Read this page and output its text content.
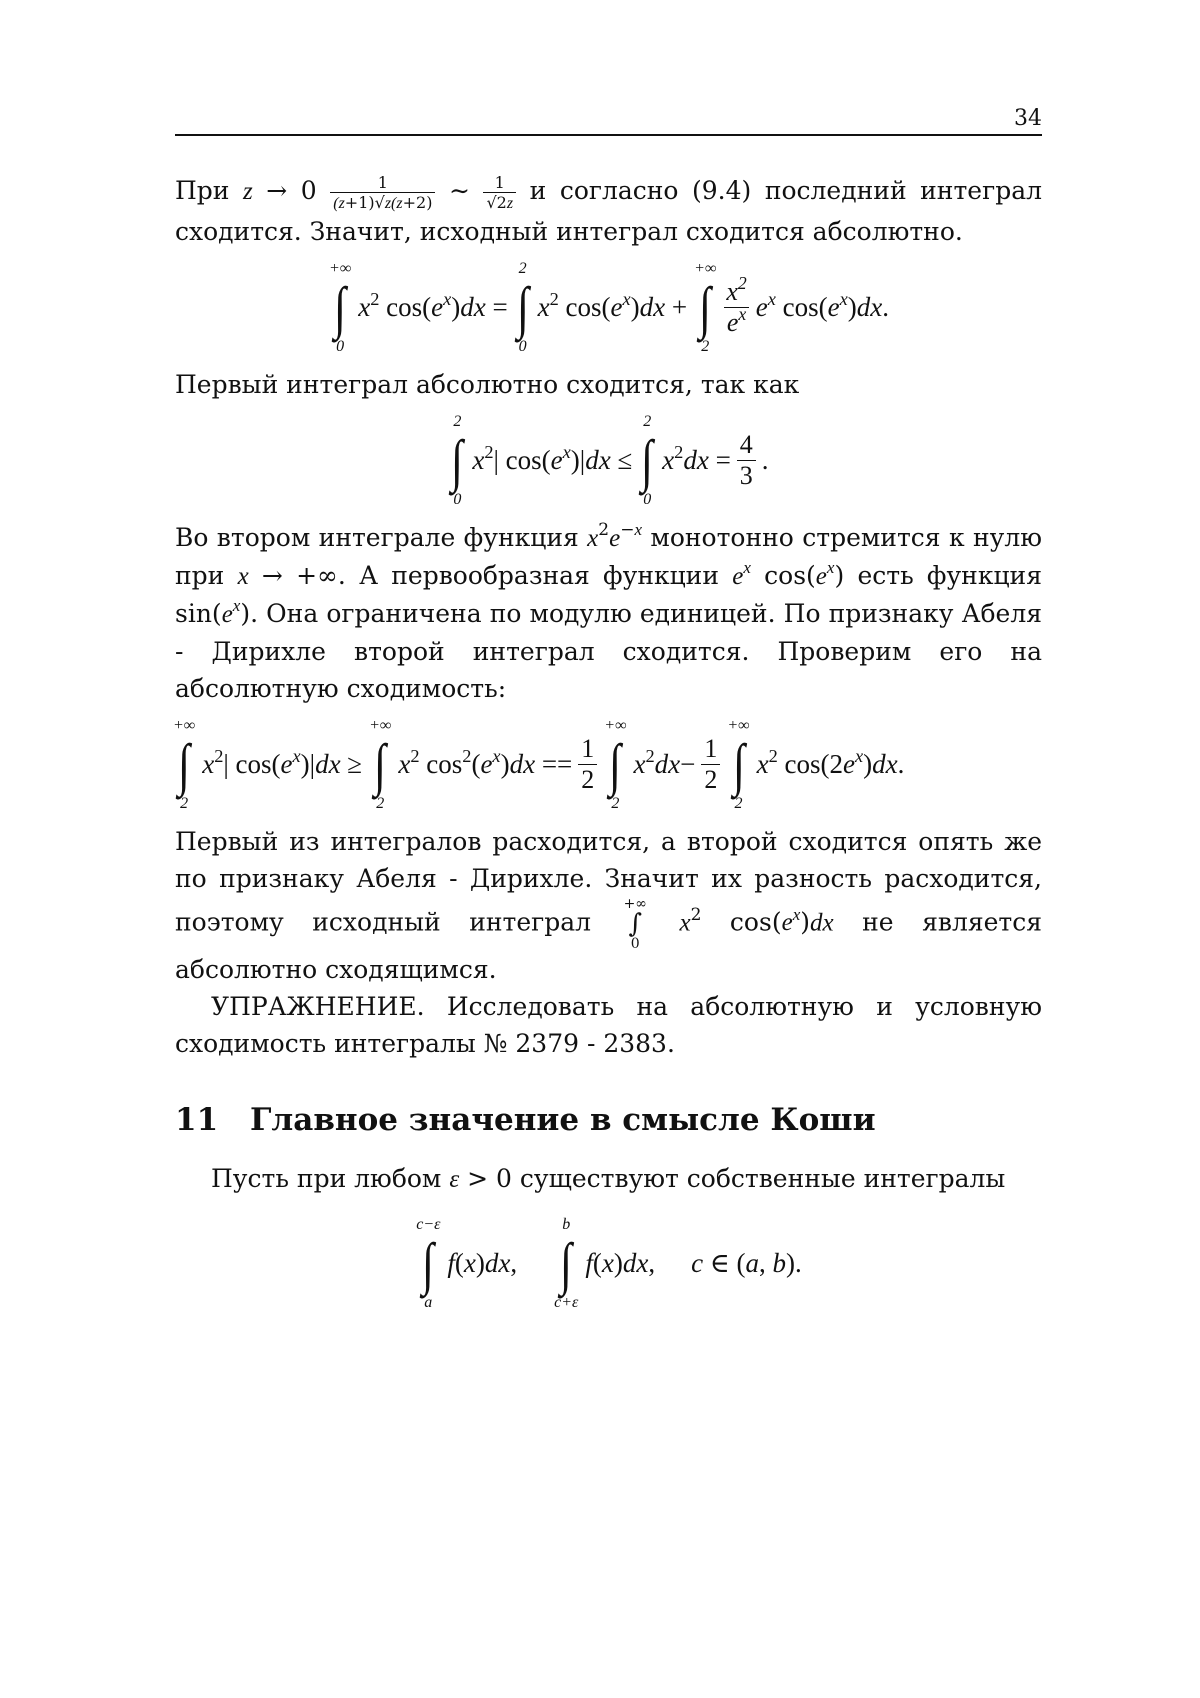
34

При z → 0	1
(z+1)√z(z+2) ∼ 1
√2z и согласно (9.4) последний интеграл сходится. Значит, исходный интеграл сходится абсолютно.

+∞
∫
0
x2 cos(ex)dx =
2
∫
0
x2 cos(ex)dx +
+∞
∫
2
x2
ex ex cos(ex)dx.

Первый интеграл абсолютно сходится, так как

2
∫
0
x2| cos(ex)|dx ≤
2
∫
0
x2dx =
4
3
.

Во втором интеграле функция x2e−x монотонно стремится к нулю при x → +∞. А первообразная функции ex cos(ex) есть функция sin(ex). Она ограничена по модулю единицей. По признаку Абеля - Дирихле второй интеграл сходится. Проверим его на абсолютную сходимость:

+∞
∫
2
x2| cos(ex)|dx ≥
+∞
∫
2
x2 cos2(ex)dx ==
1
2
+∞
∫
2
x2dx−
1
2
+∞
∫
2
x2 cos(2ex)dx.

Первый из интегралов расходится, а второй сходится опять же по признаку Абеля - Дирихле. Значит их разность расходится, поэтому исходный интеграл
+∞
∫
0
x2 cos(ex)dx не является абсолютно сходящимся.

УПРАЖНЕНИЕ. Исследовать на абсолютную и условную сходимость интегралы № 2379 - 2383.

11 Главное значение в смысле Коши

Пусть при любом ε > 0 существуют собственные интегралы

c−ε
∫
a
f(x)dx,
b
∫
c+ε
f(x)dx, c ∈ (a, b).
